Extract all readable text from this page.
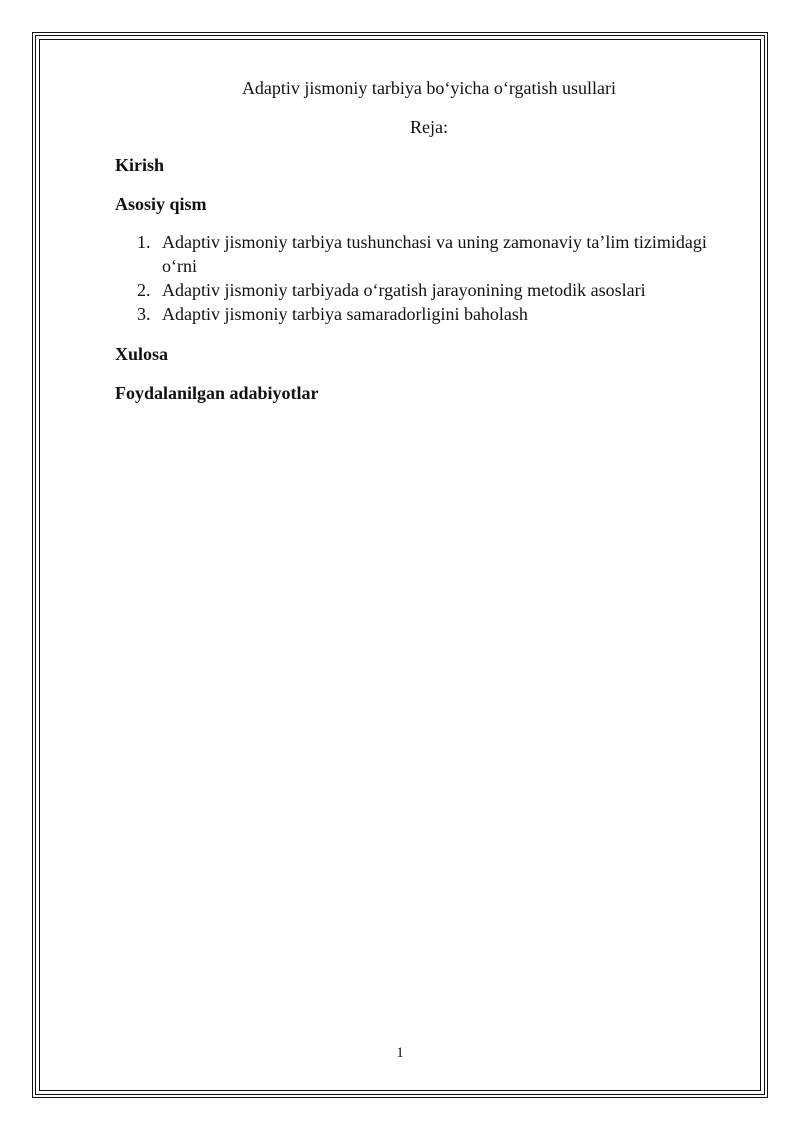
Adaptiv jismoniy tarbiya bo‘yicha o‘rgatish usullari
Reja:

Kirish

Asosiy qism

1. Adaptiv jismoniy tarbiya tushunchasi va uning zamonaviy ta’lim tizimidagi o‘rni
2. Adaptiv jismoniy tarbiyada o‘rgatish jarayonining metodik asoslari
3. Adaptiv jismoniy tarbiya samaradorligini baholash

Xulosa

Foydalanilgan adabiyotlar

1
